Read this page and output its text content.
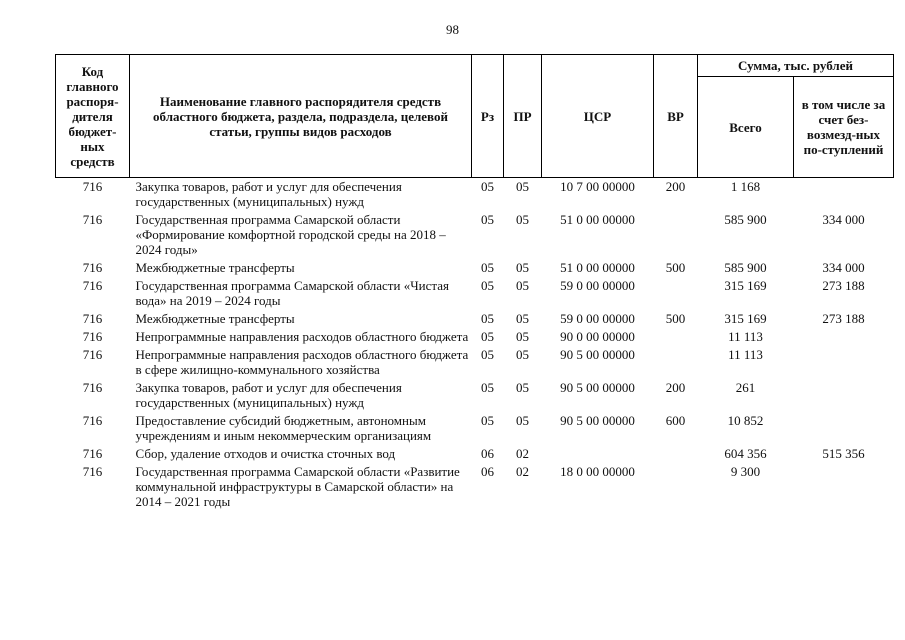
98
Код главного распоря-дителя бюджет-ных средств	Наименование главного распорядителя средств областного бюджета, раздела, подраздела, целевой статьи, группы видов расходов	Рз	ПР	ЦСР	ВР	Сумма, тыс. рублей	
						Всего	в том числе за счет без-возмезд-ных по-ступлений
716	Закупка товаров, работ и услуг для обеспечения государственных (муниципальных) нужд	05	05	10 7 00 00000	200	1 168	
716	Государственная программа Самарской области «Формирование комфортной городской среды на 2018 – 2024 годы»	05	05	51 0 00 00000		585 900	334 000
716	Межбюджетные трансферты	05	05	51 0 00 00000	500	585 900	334 000
716	Государственная программа Самарской области «Чистая вода» на 2019 – 2024 годы	05	05	59 0 00 00000		315 169	273 188
716	Межбюджетные трансферты	05	05	59 0 00 00000	500	315 169	273 188
716	Непрограммные направления расходов областного бюджета	05	05	90 0 00 00000		11 113	
716	Непрограммные направления расходов областного бюджета в сфере жилищно-коммунального хозяйства	05	05	90 5 00 00000		11 113	
716	Закупка товаров, работ и услуг для обеспечения государственных (муниципальных) нужд	05	05	90 5 00 00000	200	261	
716	Предоставление субсидий бюджетным, автономным учреждениям и иным некоммерческим организациям	05	05	90 5 00 00000	600	10 852	
716	Сбор, удаление отходов и очистка сточных вод	06	02			604 356	515 356
716	Государственная программа Самарской области «Развитие коммунальной инфраструктуры в Самарской области» на 2014 – 2021 годы	06	02	18 0 00 00000		9 300	
